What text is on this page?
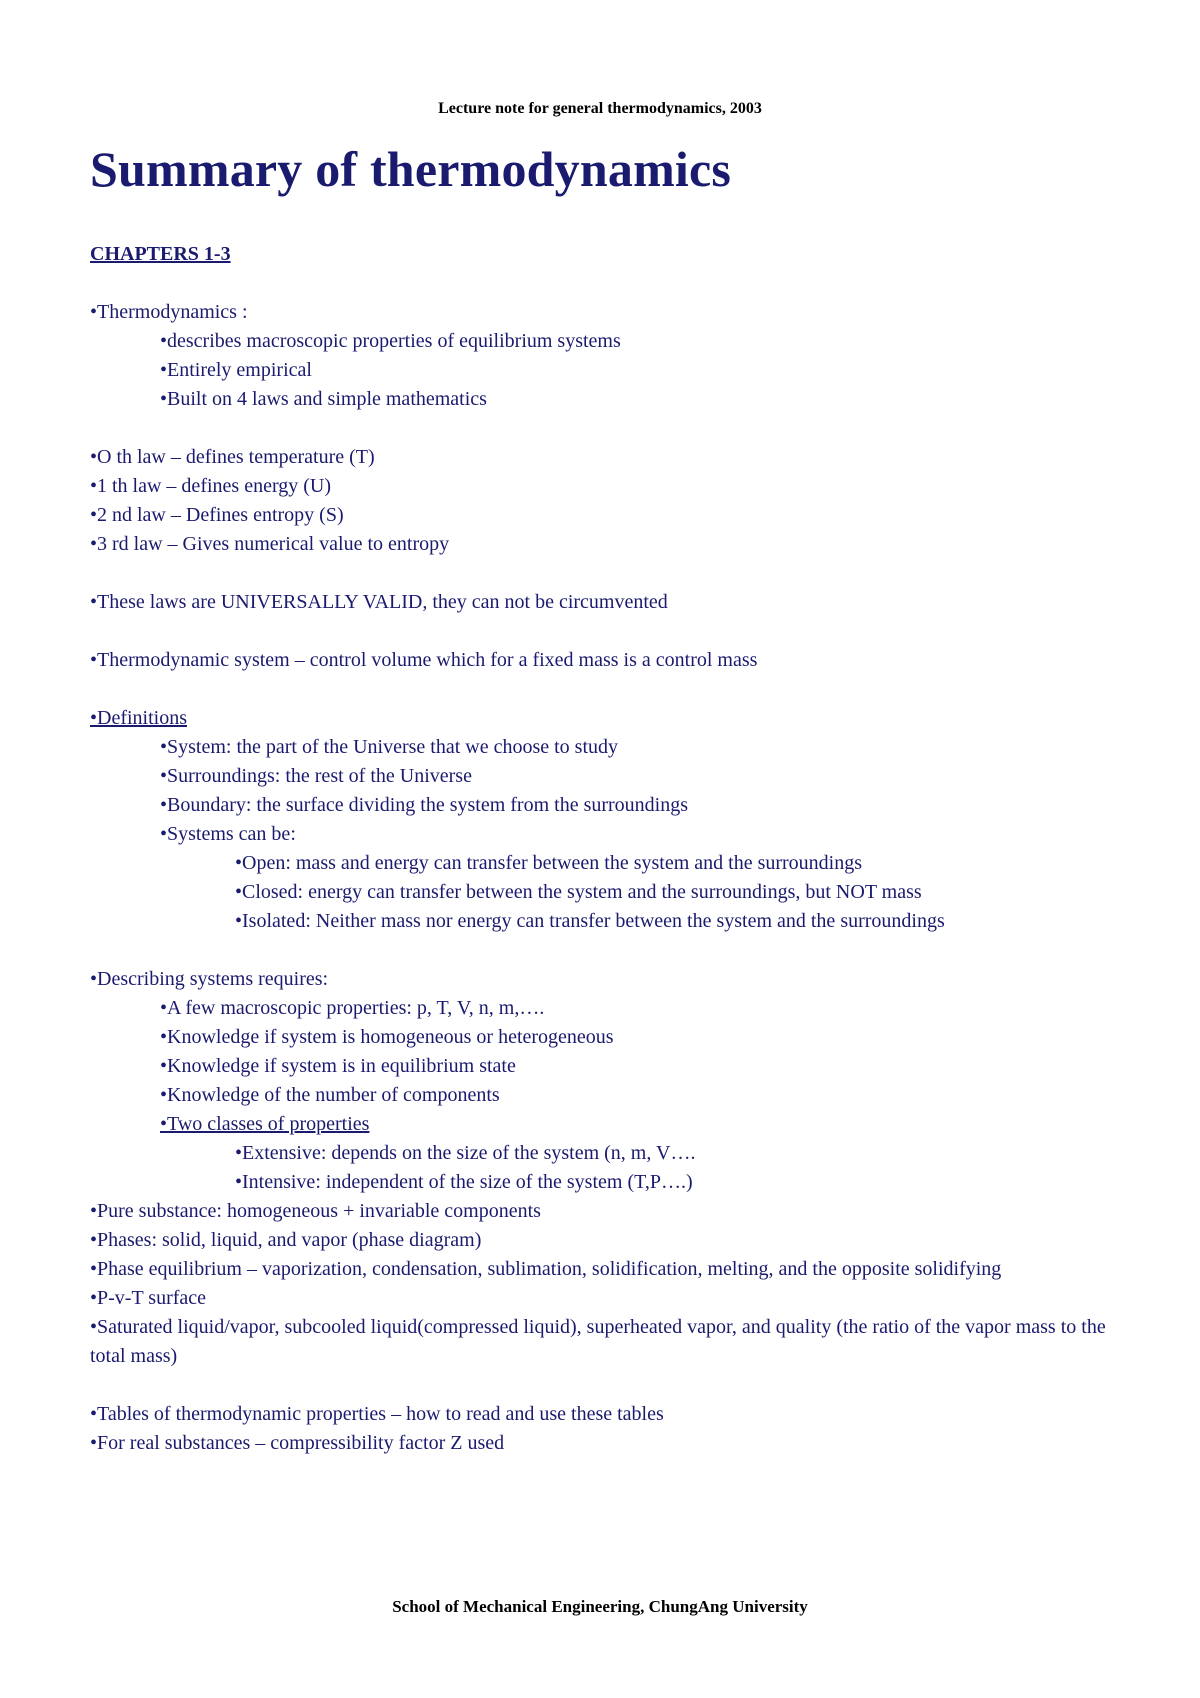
Lecture note for general thermodynamics, 2003
Summary of thermodynamics
CHAPTERS 1-3
•Thermodynamics :
•describes macroscopic properties of equilibrium systems
•Entirely empirical
•Built on 4 laws and simple mathematics
•O th law – defines temperature (T)
•1 th law – defines energy (U)
•2 nd law – Defines entropy (S)
•3 rd law – Gives numerical value to entropy
•These laws are UNIVERSALLY VALID, they can not be circumvented
•Thermodynamic system – control volume which for a fixed mass is a control mass
•Definitions
•System: the part of the Universe that we choose to study
•Surroundings: the rest of the Universe
•Boundary: the surface dividing the system from the surroundings
•Systems can be:
•Open: mass and energy can transfer between the system and the surroundings
•Closed: energy can transfer between the system and the surroundings, but NOT mass
•Isolated: Neither mass nor energy can transfer between the system and the surroundings
•Describing systems requires:
•A few macroscopic properties: p, T, V, n, m,….
•Knowledge if system is homogeneous or heterogeneous
•Knowledge if system is in equilibrium state
•Knowledge of the number of components
•Two classes of properties
•Extensive: depends on the size of the system (n, m, V….
•Intensive: independent of the size of the system (T,P….)
•Pure substance: homogeneous + invariable components
•Phases: solid, liquid, and vapor (phase diagram)
•Phase equilibrium – vaporization, condensation, sublimation, solidification, melting, and the opposite solidifying
•P-v-T surface
•Saturated liquid/vapor, subcooled liquid(compressed liquid), superheated vapor, and quality (the ratio of the vapor mass to the total mass)
•Tables of thermodynamic properties – how to read and use these tables
•For real substances – compressibility factor Z used
School of Mechanical Engineering, ChungAng University
